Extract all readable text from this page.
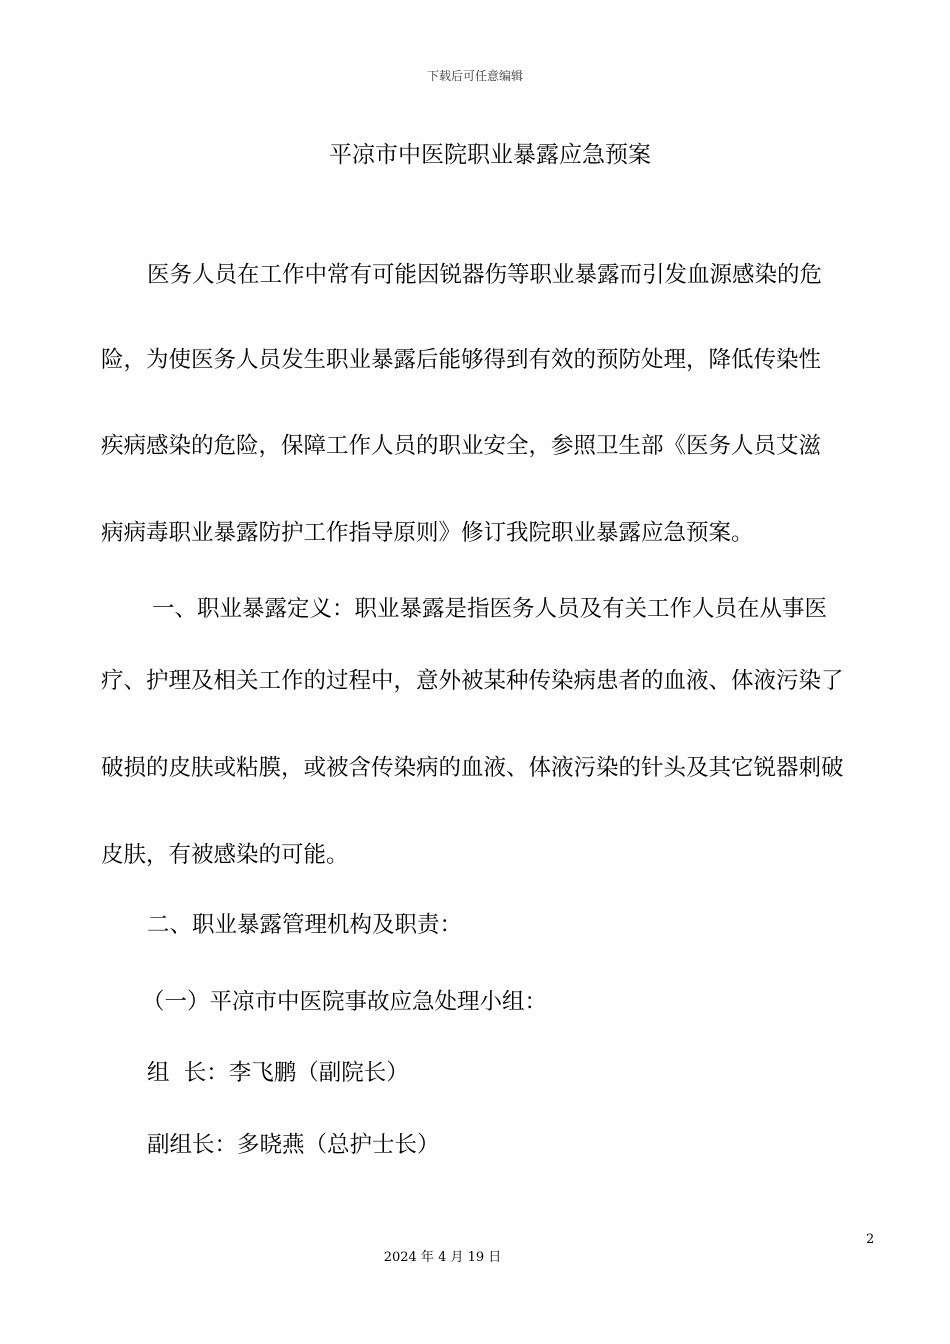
下载后可任意编辑
平凉市中医院职业暴露应急预案
医务人员在工作中常有可能因锐器伤等职业暴露而引发血源感染的危
险，为使医务人员发生职业暴露后能够得到有效的预防处理，降低传染性
疾病感染的危险，保障工作人员的职业安全，参照卫生部《医务人员艾滋
病病毒职业暴露防护工作指导原则》修订我院职业暴露应急预案。
一、职业暴露定义：职业暴露是指医务人员及有关工作人员在从事医
疗、护理及相关工作的过程中，意外被某种传染病患者的血液、体液污染了
破损的皮肤或粘膜，或被含传染病的血液、体液污染的针头及其它锐器刺破
皮肤，有被感染的可能。
二、职业暴露管理机构及职责：
（一）平凉市中医院事故应急处理小组：
组  长：李飞鹏（副院长）
副组长：多晓燕（总护士长）
2
2024 年 4 月 19 日
